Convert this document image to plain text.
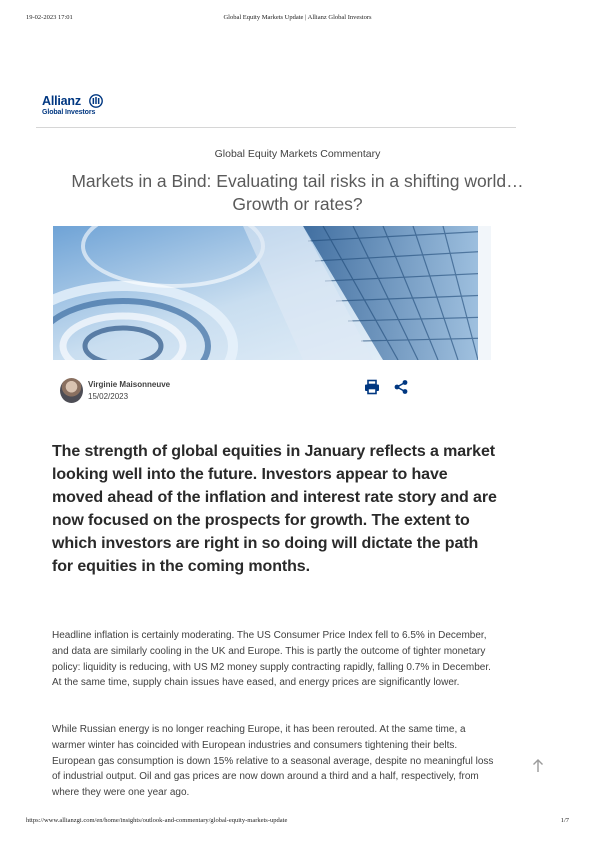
19-02-2023 17:01	Global Equity Markets Update | Allianz Global Investors
Allianz
Global Investors
Global Equity Markets Commentary
Markets in a Bind: Evaluating tail risks in a shifting world… Growth or rates?
Virginie Maisonneuve
15/02/2023

The strength of global equities in January reflects a market looking well into the future. Investors appear to have moved ahead of the inflation and interest rate story and are now focused on the prospects for growth. The extent to which investors are right in so doing will dictate the path for equities in the coming months.

Headline inflation is certainly moderating. The US Consumer Price Index fell to 6.5% in December, and data are similarly cooling in the UK and Europe. This is partly the outcome of tighter monetary policy: liquidity is reducing, with US M2 money supply contracting rapidly, falling 0.7% in December. At the same time, supply chain issues have eased, and energy prices are significantly lower.

While Russian energy is no longer reaching Europe, it has been rerouted. At the same time, a warmer winter has coincided with European industries and consumers tightening their belts. European gas consumption is down 15% relative to a seasonal average, despite no meaningful loss of industrial output. Oil and gas prices are now down around a third and a half, respectively, from where they were one year ago.

https://www.allianzgi.com/en/home/insights/outlook-and-commentary/global-equity-markets-update	1/7
